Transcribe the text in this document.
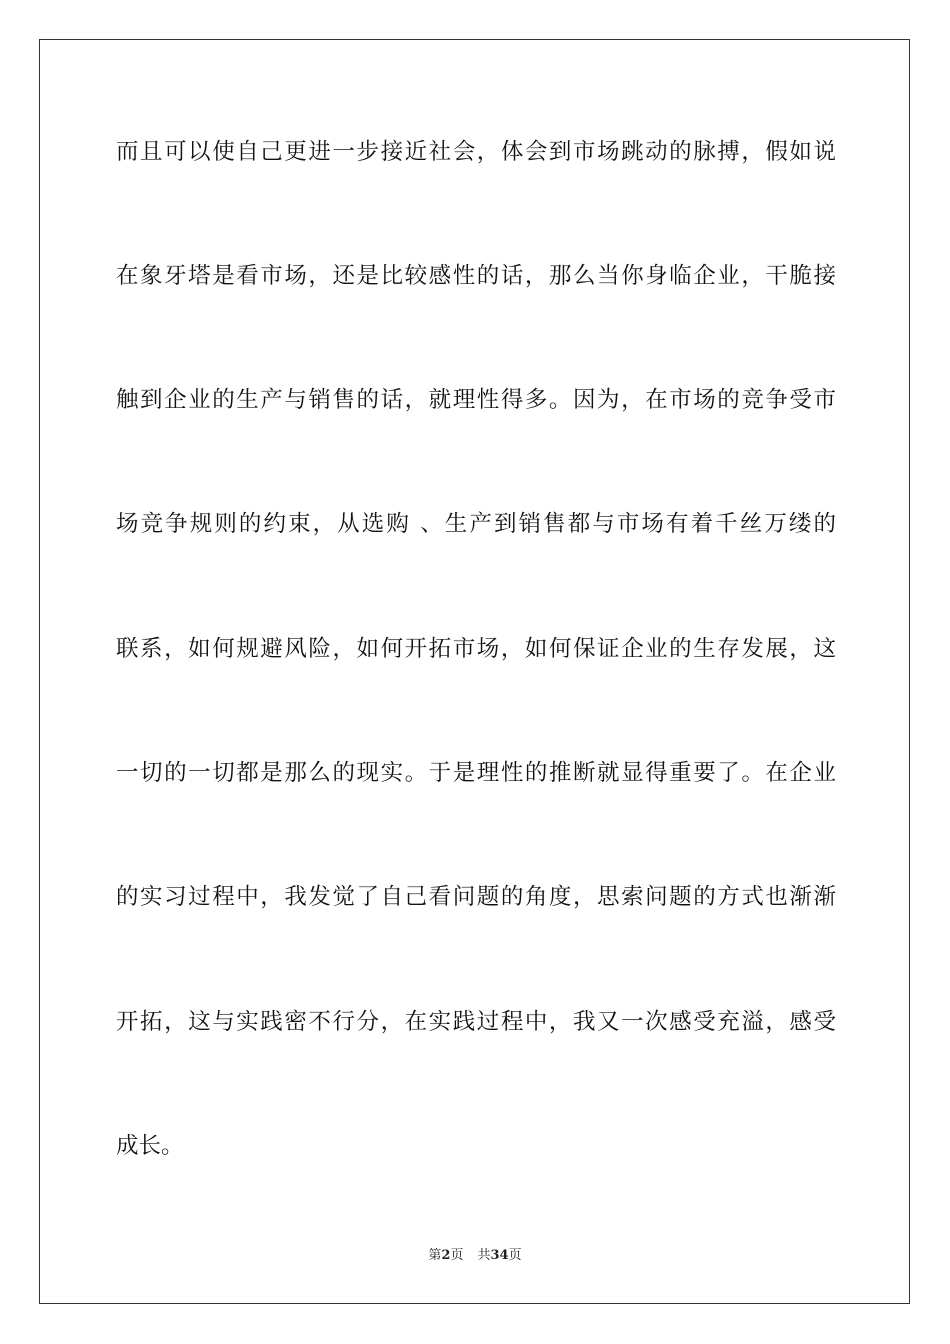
而且可以使自己更进一步接近社会，体会到市场跳动的脉搏，假如说
在象牙塔是看市场，还是比较感性的话，那么当你身临企业，干脆接
触到企业的生产与销售的话，就理性得多。因为，在市场的竞争受市
场竞争规则的约束，从选购 、生产到销售都与市场有着千丝万缕的
联系，如何规避风险，如何开拓市场，如何保证企业的生存发展，这
一切的一切都是那么的现实。于是理性的推断就显得重要了。在企业
的实习过程中，我发觉了自己看问题的角度，思索问题的方式也渐渐
开拓，这与实践密不行分，在实践过程中，我又一次感受充溢，感受
成长。
第2页 共34页
